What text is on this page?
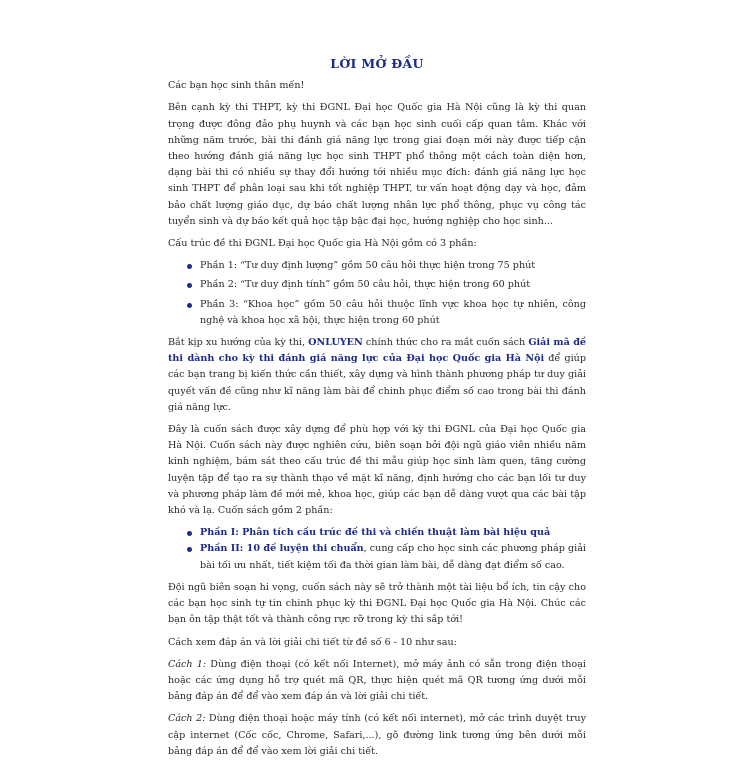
LỜI MỞ ĐẦU

Các bạn học sinh thân mến!

Bên cạnh kỳ thi THPT, kỳ thi ĐGNL Đại học Quốc gia Hà Nội cũng là kỳ thi quan trọng được đông đảo phụ huynh và các bạn học sinh cuối cấp quan tâm. Khác với những năm trước, bài thi đánh giá năng lực trong giai đoạn mới này được tiếp cận theo hướng đánh giá năng lực học sinh THPT phổ thông một cách toàn diện hơn, dạng bài thi có nhiều sự thay đổi hướng tới nhiều mục đích: đánh giá năng lực học sinh THPT để phân loại sau khi tốt nghiệp THPT, tư vấn hoạt động dạy và học, đảm bảo chất lượng giáo dục, dự báo chất lượng nhân lực phổ thông, phục vụ công tác tuyển sinh và dự báo kết quả học tập bậc đại học, hướng nghiệp cho học sinh...

Cấu trúc đề thi ĐGNL Đại học Quốc gia Hà Nội gồm có 3 phần:

Phần 1: “Tư duy định lượng” gồm 50 câu hỏi thực hiện trong 75 phút
Phần 2: “Tư duy định tính” gồm 50 câu hỏi, thực hiện trong 60 phút
Phần 3: “Khoa học” gồm 50 câu hỏi thuộc lĩnh vực khoa học tự nhiên, công nghệ và khoa học xã hội, thực hiện trong 60 phút

Bắt kịp xu hướng của kỳ thi, ONLUYEN chính thức cho ra mắt cuốn sách Giải mã đề thi dành cho kỳ thi đánh giá năng lực của Đại học Quốc gia Hà Nội để giúp các bạn trang bị kiến thức cần thiết, xây dựng và hình thành phương pháp tư duy giải quyết vấn đề cũng như kĩ năng làm bài để chinh phục điểm số cao trong bài thi đánh giá năng lực.

Đây là cuốn sách được xây dựng để phù hợp với kỳ thi ĐGNL của Đại học Quốc gia Hà Nội. Cuốn sách này được nghiên cứu, biên soạn bởi đội ngũ giáo viên nhiều năm kinh nghiệm, bám sát theo cấu trúc đề thi mẫu giúp học sinh làm quen, tăng cường luyện tập để tạo ra sự thành thạo về mặt kĩ năng, định hướng cho các bạn lối tư duy và phương pháp làm đề mới mẻ, khoa học, giúp các bạn dễ dàng vượt qua các bài tập khó và lạ. Cuốn sách gồm 2 phần:

Phần I: Phân tích cấu trúc đề thi và chiến thuật làm bài hiệu quả
Phần II: 10 đề luyện thi chuẩn, cung cấp cho học sinh các phương pháp giải bài tối ưu nhất, tiết kiệm tối đa thời gian làm bài, dễ dàng đạt điểm số cao.

Đội ngũ biên soạn hi vọng, cuốn sách này sẽ trở thành một tài liệu bổ ích, tin cậy cho các bạn học sinh tự tin chinh phục kỳ thi ĐGNL Đại học Quốc gia Hà Nội. Chúc các bạn ôn tập thật tốt và thành công rực rỡ trong kỳ thi sắp tới!

Cách xem đáp án và lời giải chi tiết từ đề số 6 - 10 như sau:

Cách 1: Dùng điện thoại (có kết nối Internet), mở máy ảnh có sẵn trong điện thoại hoặc các ứng dụng hỗ trợ quét mã QR, thực hiện quét mã QR tương ứng dưới mỗi bảng đáp án để để vào xem đáp án và lời giải chi tiết.

Cách 2: Dùng điện thoại hoặc máy tính (có kết nối internet), mở các trình duyệt truy cập internet (Cốc cốc, Chrome, Safari,...), gõ đường link tương ứng bên dưới mỗi bảng đáp án để để vào xem lời giải chi tiết.
